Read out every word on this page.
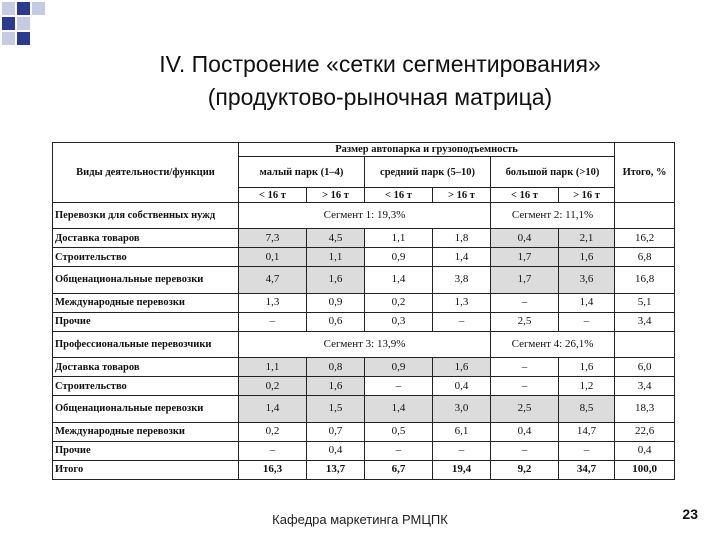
IV. Построение «сетки сегментирования»
(продуктово-рыночная матрица)
Виды деятельности/функции	Размер автопарка и грузоподъемность						Итого, %
	малый парк (1–4)		средний парк (5–10)		большой парк (>10)		
	< 16 т	> 16 т	< 16 т	> 16 т	< 16 т	> 16 т	
Перевозки для собственных нужд	Сегмент 1: 19,3%				Сегмент 2: 11,1%		
Доставка товаров	7,3	4,5	1,1	1,8	0,4	2,1	16,2
Строительство	0,1	1,1	0,9	1,4	1,7	1,6	6,8
Общенациональные перевозки	4,7	1,6	1,4	3,8	1,7	3,6	16,8
Международные перевозки	1,3	0,9	0,2	1,3	–	1,4	5,1
Прочие	–	0,6	0,3	–	2,5	–	3,4
Профессиональные перевозчики	Сегмент 3: 13,9%				Сегмент 4: 26,1%		
Доставка товаров	1,1	0,8	0,9	1,6	–	1,6	6,0
Строительство	0,2	1,6	–	0,4	–	1,2	3,4
Общенациональные перевозки	1,4	1,5	1,4	3,0	2,5	8,5	18,3
Международные перевозки	0,2	0,7	0,5	6,1	0,4	14,7	22,6
Прочие	–	0,4	–	–	–	–	0,4
Итого	16,3	13,7	6,7	19,4	9,2	34,7	100,0
Кафедра маркетинга РМЦПК	23
